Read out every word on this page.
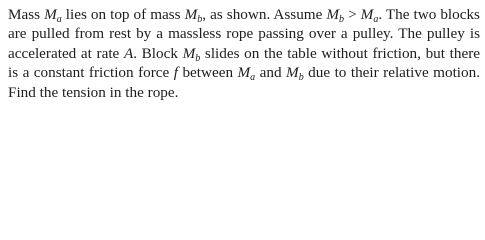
Mass $M_a$ lies on top of mass $M_b$, as shown. Assume $M_b > M_a$. The two blocks are pulled from rest by a massless rope passing over a pulley. The pulley is accelerated at rate A. Block $M_b$ slides on the table without friction, but there is a constant friction force f between $M_a$ and $M_b$ due to their relative motion. Find the tension in the rope.
